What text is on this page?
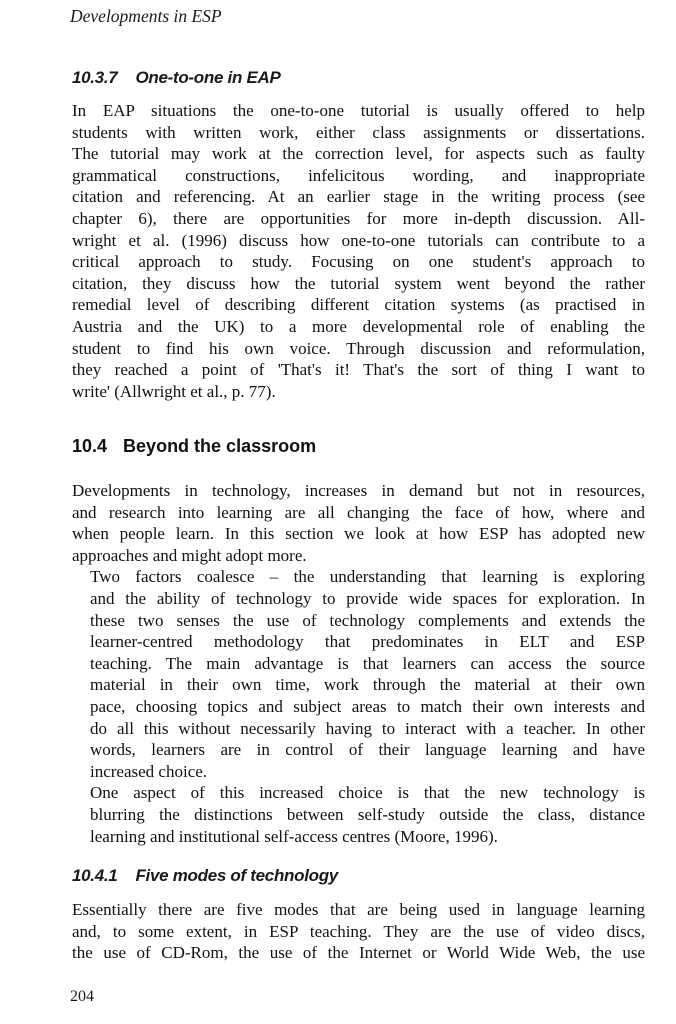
Developments in ESP

10.3.7 One-to-one in EAP

In EAP situations the one-to-one tutorial is usually offered to help
students with written work, either class assignments or dissertations.
The tutorial may work at the correction level, for aspects such as faulty
grammatical constructions, infelicitous wording, and inappropriate
citation and referencing. At an earlier stage in the writing process (see
chapter 6), there are opportunities for more in-depth discussion. All-
wright et al. (1996) discuss how one-to-one tutorials can contribute to a
critical approach to study. Focusing on one student's approach to
citation, they discuss how the tutorial system went beyond the rather
remedial level of describing different citation systems (as practised in
Austria and the UK) to a more developmental role of enabling the
student to find his own voice. Through discussion and reformulation,
they reached a point of 'That's it! That's the sort of thing I want to
write' (Allwright et al., p. 77).

10.4 Beyond the classroom

Developments in technology, increases in demand but not in resources,
and research into learning are all changing the face of how, where and
when people learn. In this section we look at how ESP has adopted new
approaches and might adopt more.

Two factors coalesce – the understanding that learning is exploring
and the ability of technology to provide wide spaces for exploration. In
these two senses the use of technology complements and extends the
learner-centred methodology that predominates in ELT and ESP
teaching. The main advantage is that learners can access the source
material in their own time, work through the material at their own
pace, choosing topics and subject areas to match their own interests and
do all this without necessarily having to interact with a teacher. In other
words, learners are in control of their language learning and have
increased choice.

One aspect of this increased choice is that the new technology is
blurring the distinctions between self-study outside the class, distance
learning and institutional self-access centres (Moore, 1996).

10.4.1 Five modes of technology

Essentially there are five modes that are being used in language learning
and, to some extent, in ESP teaching. They are the use of video discs,
the use of CD-Rom, the use of the Internet or World Wide Web, the use

204
